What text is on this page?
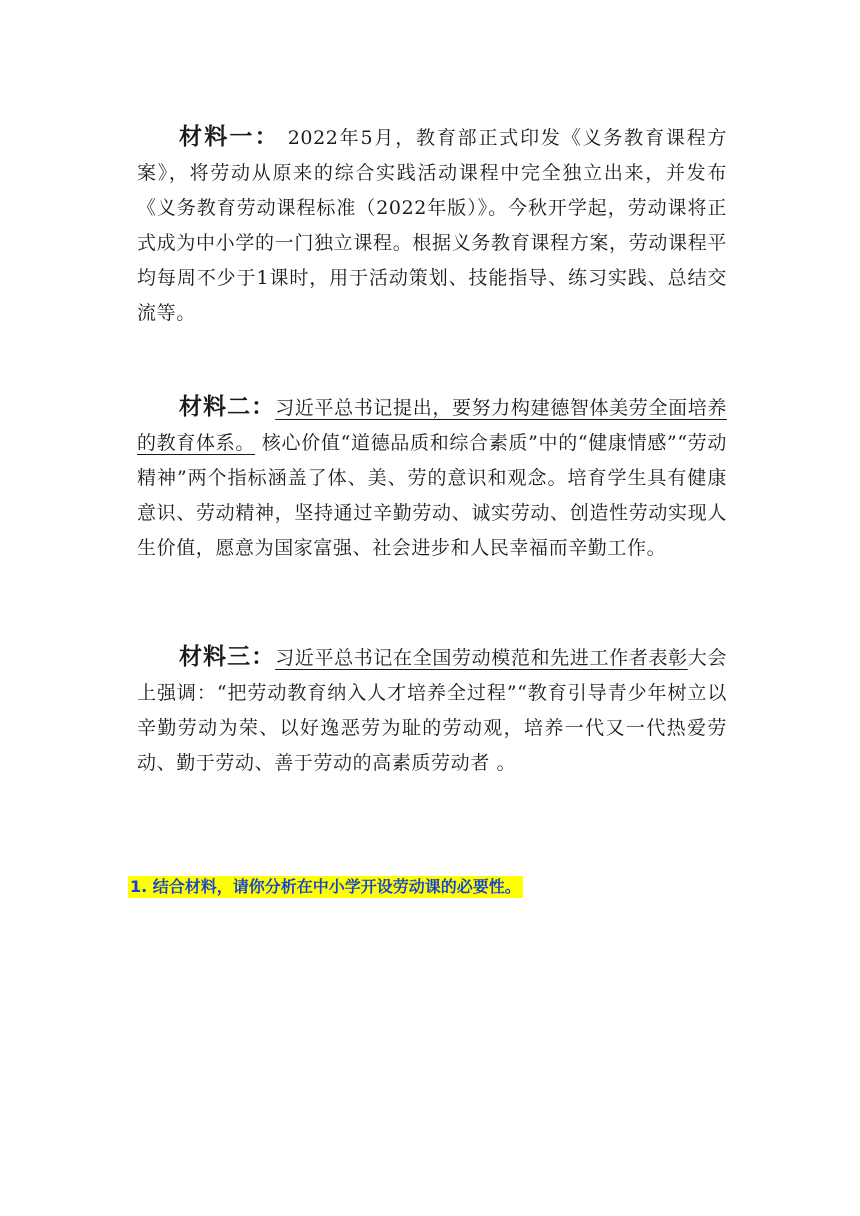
材料一： 2022年5月，教育部正式印发《义务教育课程方案》，将劳动从原来的综合实践活动课程中完全独立出来，并发布《义务教育劳动课程标准（2022年版）》。今秋开学起，劳动课将正式成为中小学的一门独立课程。根据义务教育课程方案，劳动课程平均每周不少于1课时，用于活动策划、技能指导、练习实践、总结交流等。
材料二：习近平总书记提出，要努力构建德智体美劳全面培养的教育体系。 核心价值“道德品质和综合素质”中的“健康情感”“劳动精神”两个指标涵盖了体、美、劳的意识和观念。培育学生具有健康意识、劳动精神，坚持通过辛勤劳动、诚实劳动、创造性劳动实现人生价值，愿意为国家富强、社会进步和人民幸福而辛勤工作。
材料三：习近平总书记在全国劳动模范和先进工作者表彰大会上强调：“把劳动教育纳入人才培养全过程”“教育引导青少年树立以辛勤劳动为荣、以好逸恶劳为耻的劳动观，培养一代又一代热爱劳动、勤于劳动、善于劳动的高素质劳动者 。
1. 结合材料，请你分析在中小学开设劳动课的必要性。
